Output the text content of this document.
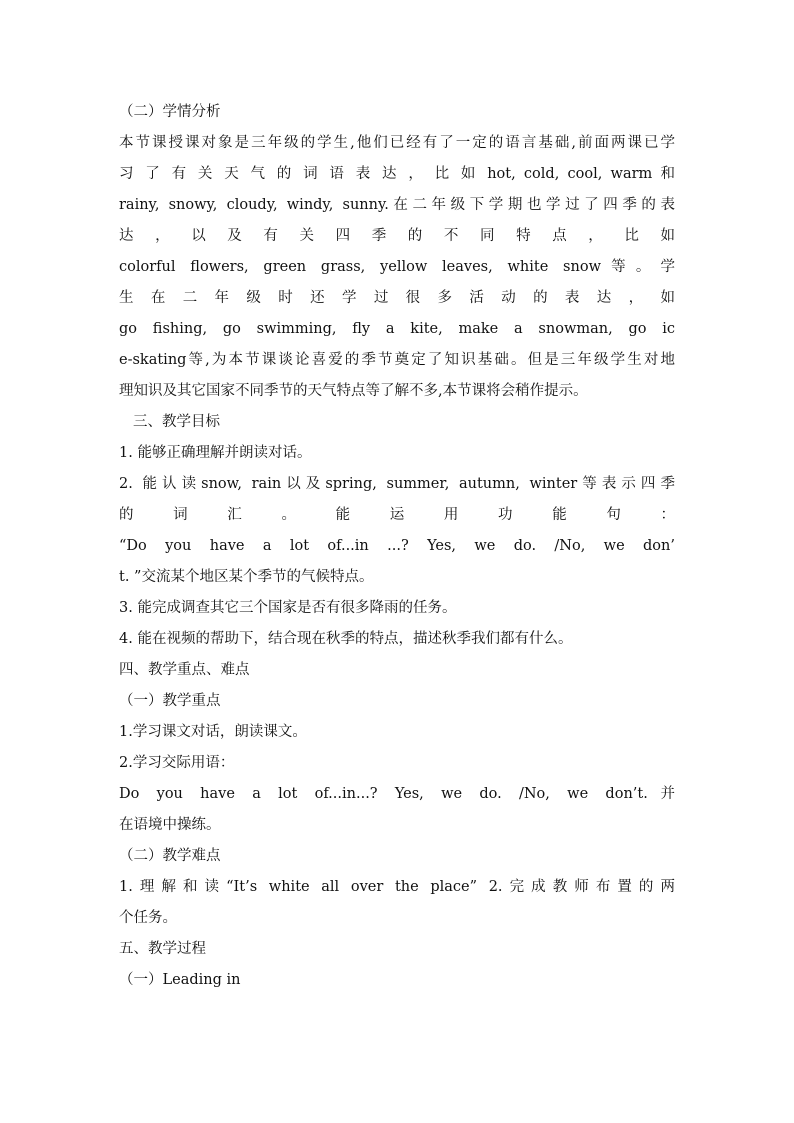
（二）学情分析
本节课授课对象是三年级的学生,他们已经有了一定的语言基础,前面两课已学
习 了 有 关 天 气 的 词 语 表 达 ， 比 如 hot, cold, cool, warm 和
rainy, snowy, cloudy, windy, sunny.在二年级下学期也学过了四季的表
达 ， 以 及 有 关 四 季 的 不 同 特 点 ， 比 如
colorful flowers, green grass, yellow leaves, white snow等。学
生 在 二 年 级 时 还 学 过 很 多 活 动 的 表 达 ， 如
go fishing, go swimming, fly a kite, make a snowman, go ic
e-skating等,为本节课谈论喜爱的季节奠定了知识基础。但是三年级学生对地
理知识及其它国家不同季节的天气特点等了解不多,本节课将会稍作提示。
三、教学目标
1. 能够正确理解并朗读对话。
2. 能认读snow, rain以及spring, summer, autumn, winter等表示四季
的 词 汇 。 能 运 用 功 能 句 ：
“Do you have a lot of...in ...? Yes, we do. /No, we don’
t. ”交流某个地区某个季节的气候特点。
3. 能完成调查其它三个国家是否有很多降雨的任务。
4. 能在视频的帮助下，结合现在秋季的特点，描述秋季我们都有什么。
四、教学重点、难点
（一）教学重点
1.学习课文对话，朗读课文。
2.学习交际用语：
Do you have a lot of...in...? Yes, we do. /No, we don’t.并
在语境中操练。
（二）教学难点
1.理解和读“It’s white all over the place” 2.完成教师布置的两
个任务。
五、教学过程
（一）Leading in
